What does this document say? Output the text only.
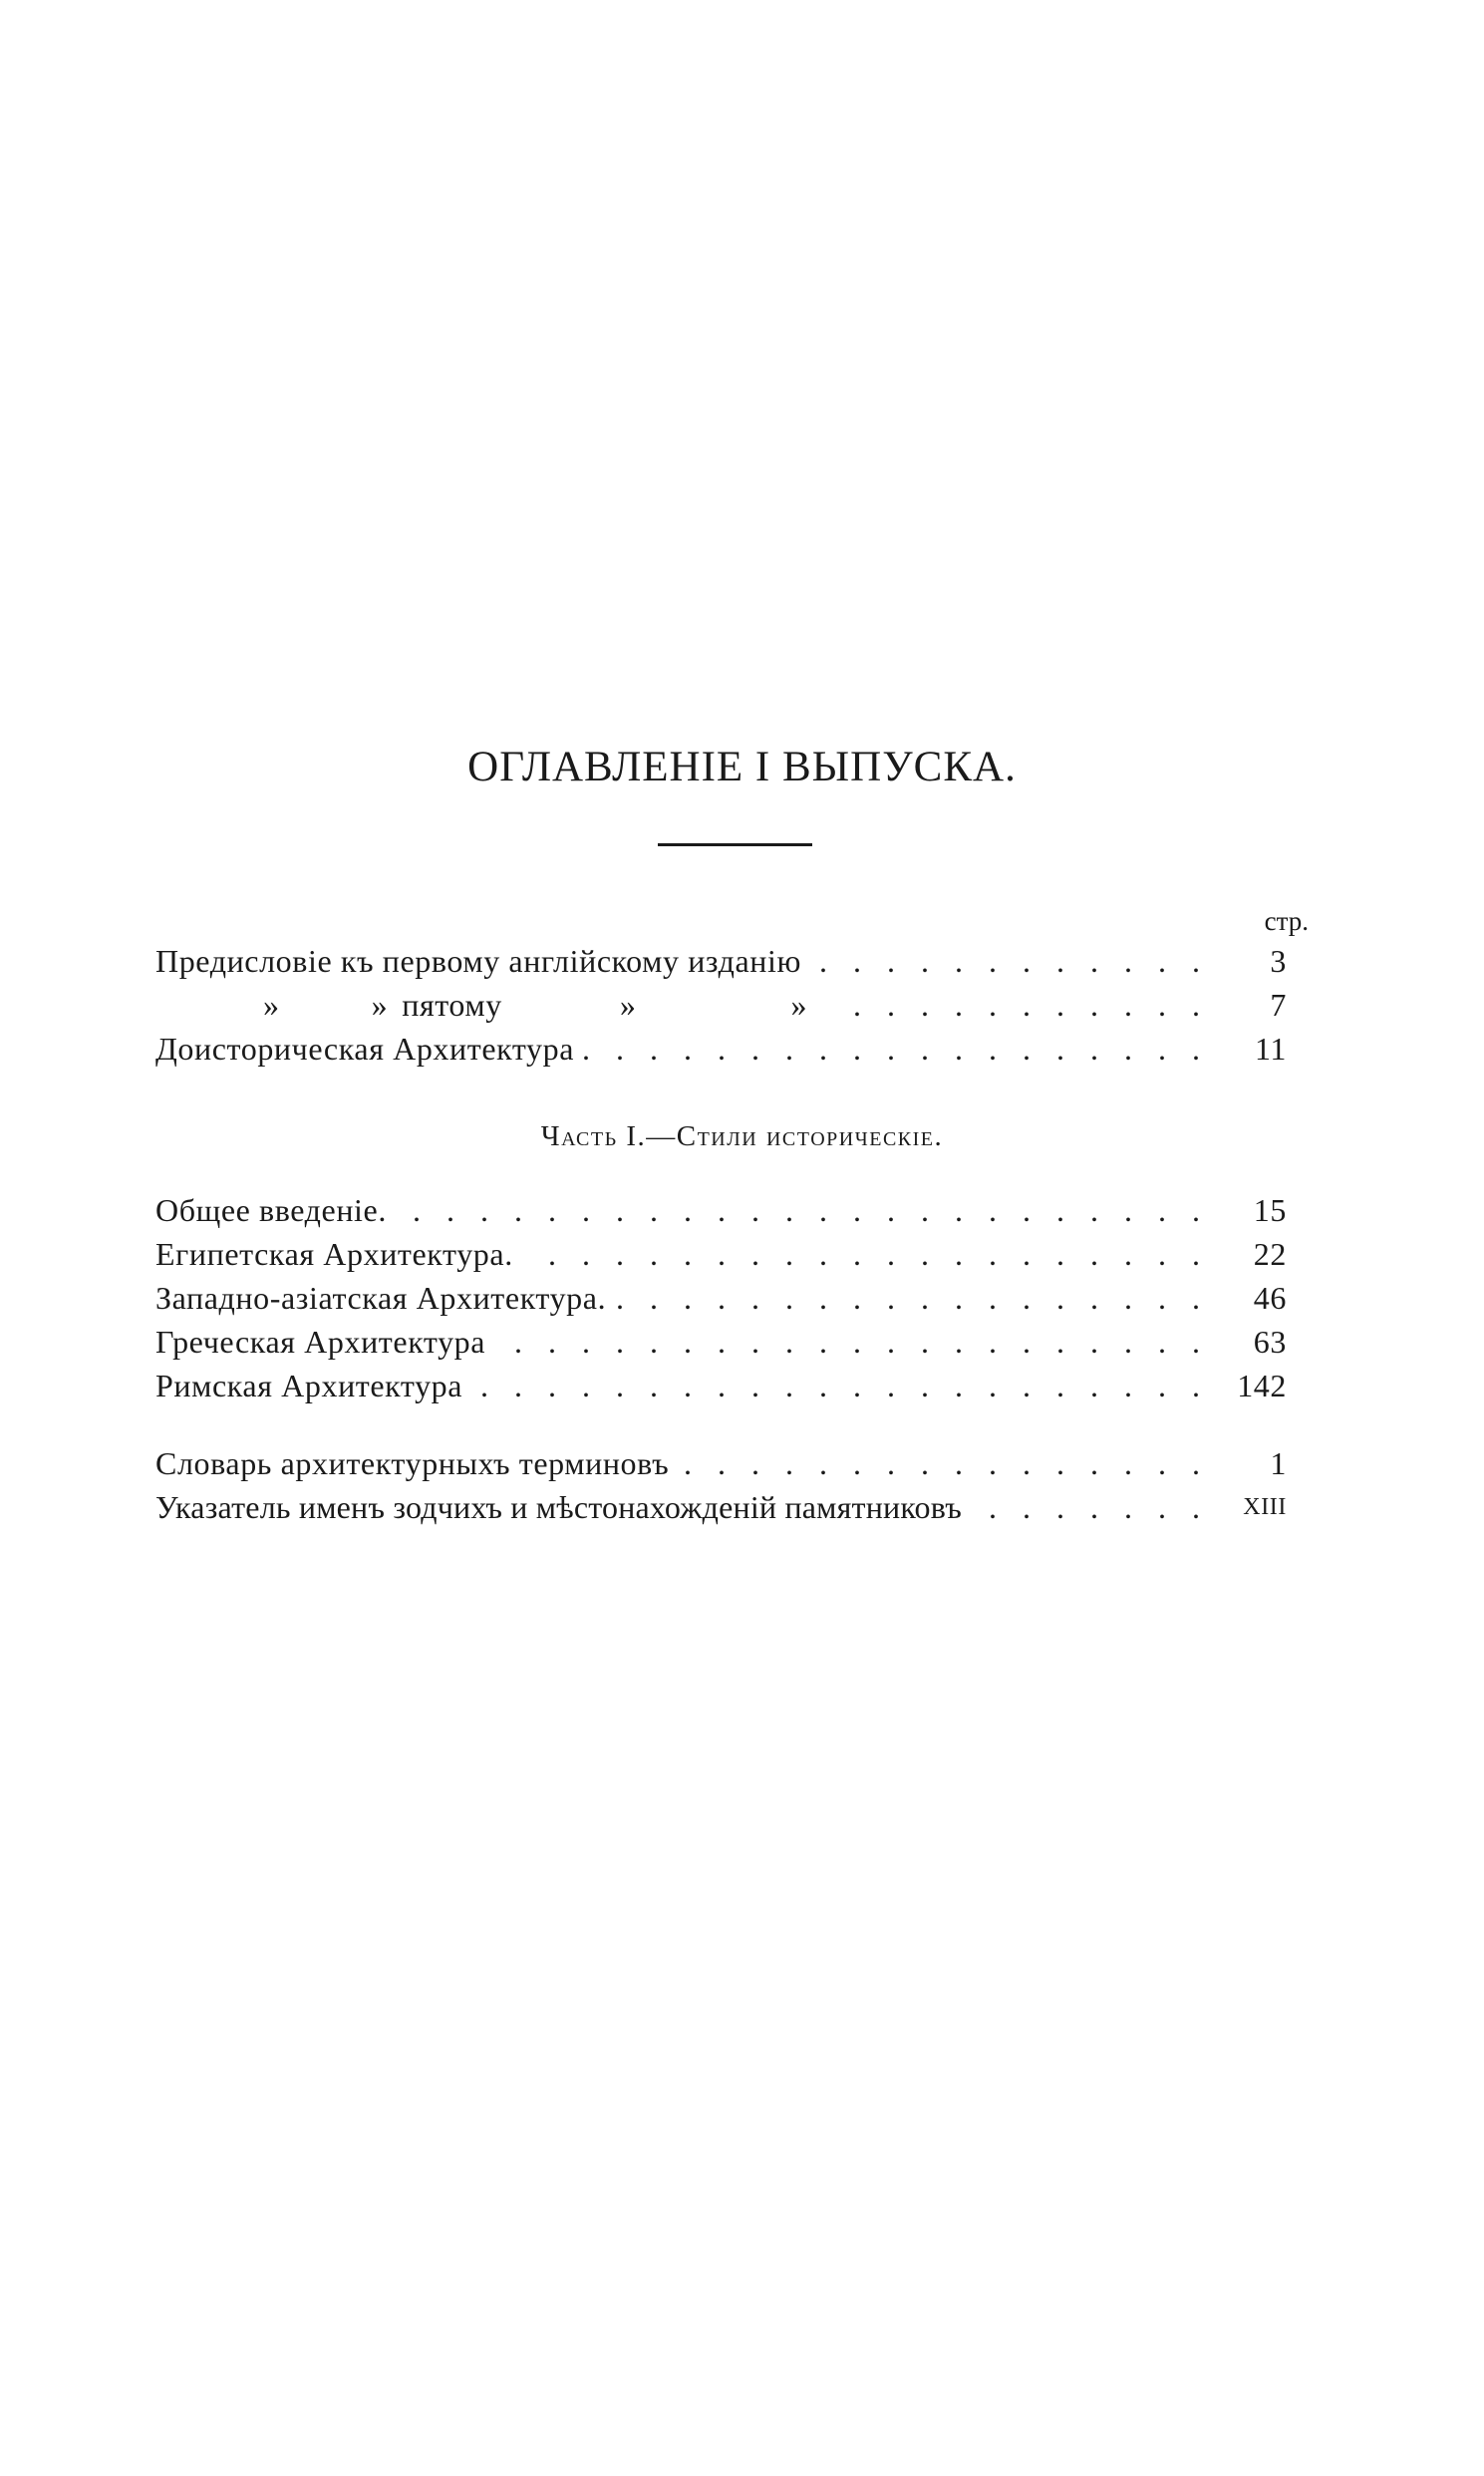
ОГЛАВЛЕНІЕ I ВЫПУСКА.
стр.
Предисловіе къ первому англійскому изданію . . .	3
»	» пятому	»	» . . .	7
Доисторическая Архитектура . . .	11
Часть I.—Стили историческіе.
Общее введеніе. . . .	15
Египетская Архитектура. . . .	22
Западно-азіатская Архитектура. . . .	46
Греческая Архитектура . . .	63
Римская Архитектура . . .	142
Словарь архитектурныхъ терминовъ . . .	1
Указатель именъ зодчихъ и мѣстонахожденій памятниковъ . . .	XIII
